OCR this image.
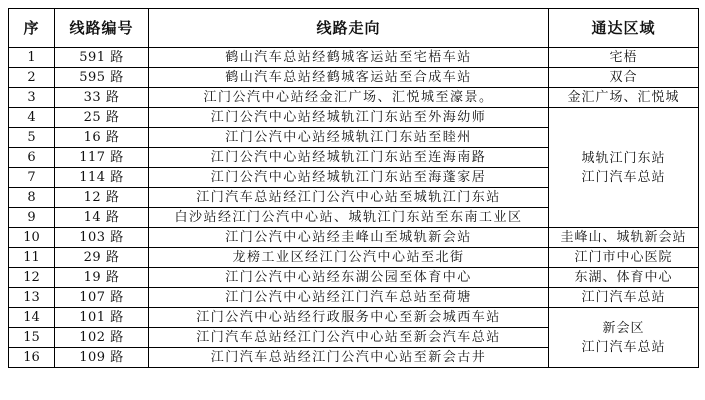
序	线路编号	线路走向	通达区域
1	591 路	鹤山汽车总站经鹤城客运站至宅梧车站	宅梧

2	595 路	鹤山汽车总站经鹤城客运站至合成车站	双合

3	33 路	江门公汽中心站经金汇广场、汇悦城至濠景。	金汇广场、汇悦城

4	25 路	江门公汽中心站经城轨江门东站至外海幼师	城轨江门东站
江门汽车总站

5	16 路	江门公汽中心站经城轨江门东站至睦州	
6	117 路	江门公汽中心站经城轨江门东站至连海南路	
7	114 路	江门公汽中心站经城轨江门东站至海蓬家居	
8	12 路	江门汽车总站经江门公汽中心站至城轨江门东站	
9	14 路	白沙站经江门公汽中心站、城轨江门东站至东南工业区	
10	103 路	江门公汽中心站经圭峰山至城轨新会站	圭峰山、城轨新会站

11	29 路	龙榜工业区经江门公汽中心站至北街	江门市中心医院

12	19 路	江门公汽中心站经东湖公园至体育中心	东湖、体育中心

13	107 路	江门公汽中心站经江门汽车总站至荷塘	江门汽车总站

14	101 路	江门公汽中心站经行政服务中心至新会城西车站	新会区
江门汽车总站

15	102 路	江门汽车总站经江门公汽中心站至新会汽车总站	
16	109 路	江门汽车总站经江门公汽中心站至新会古井	
